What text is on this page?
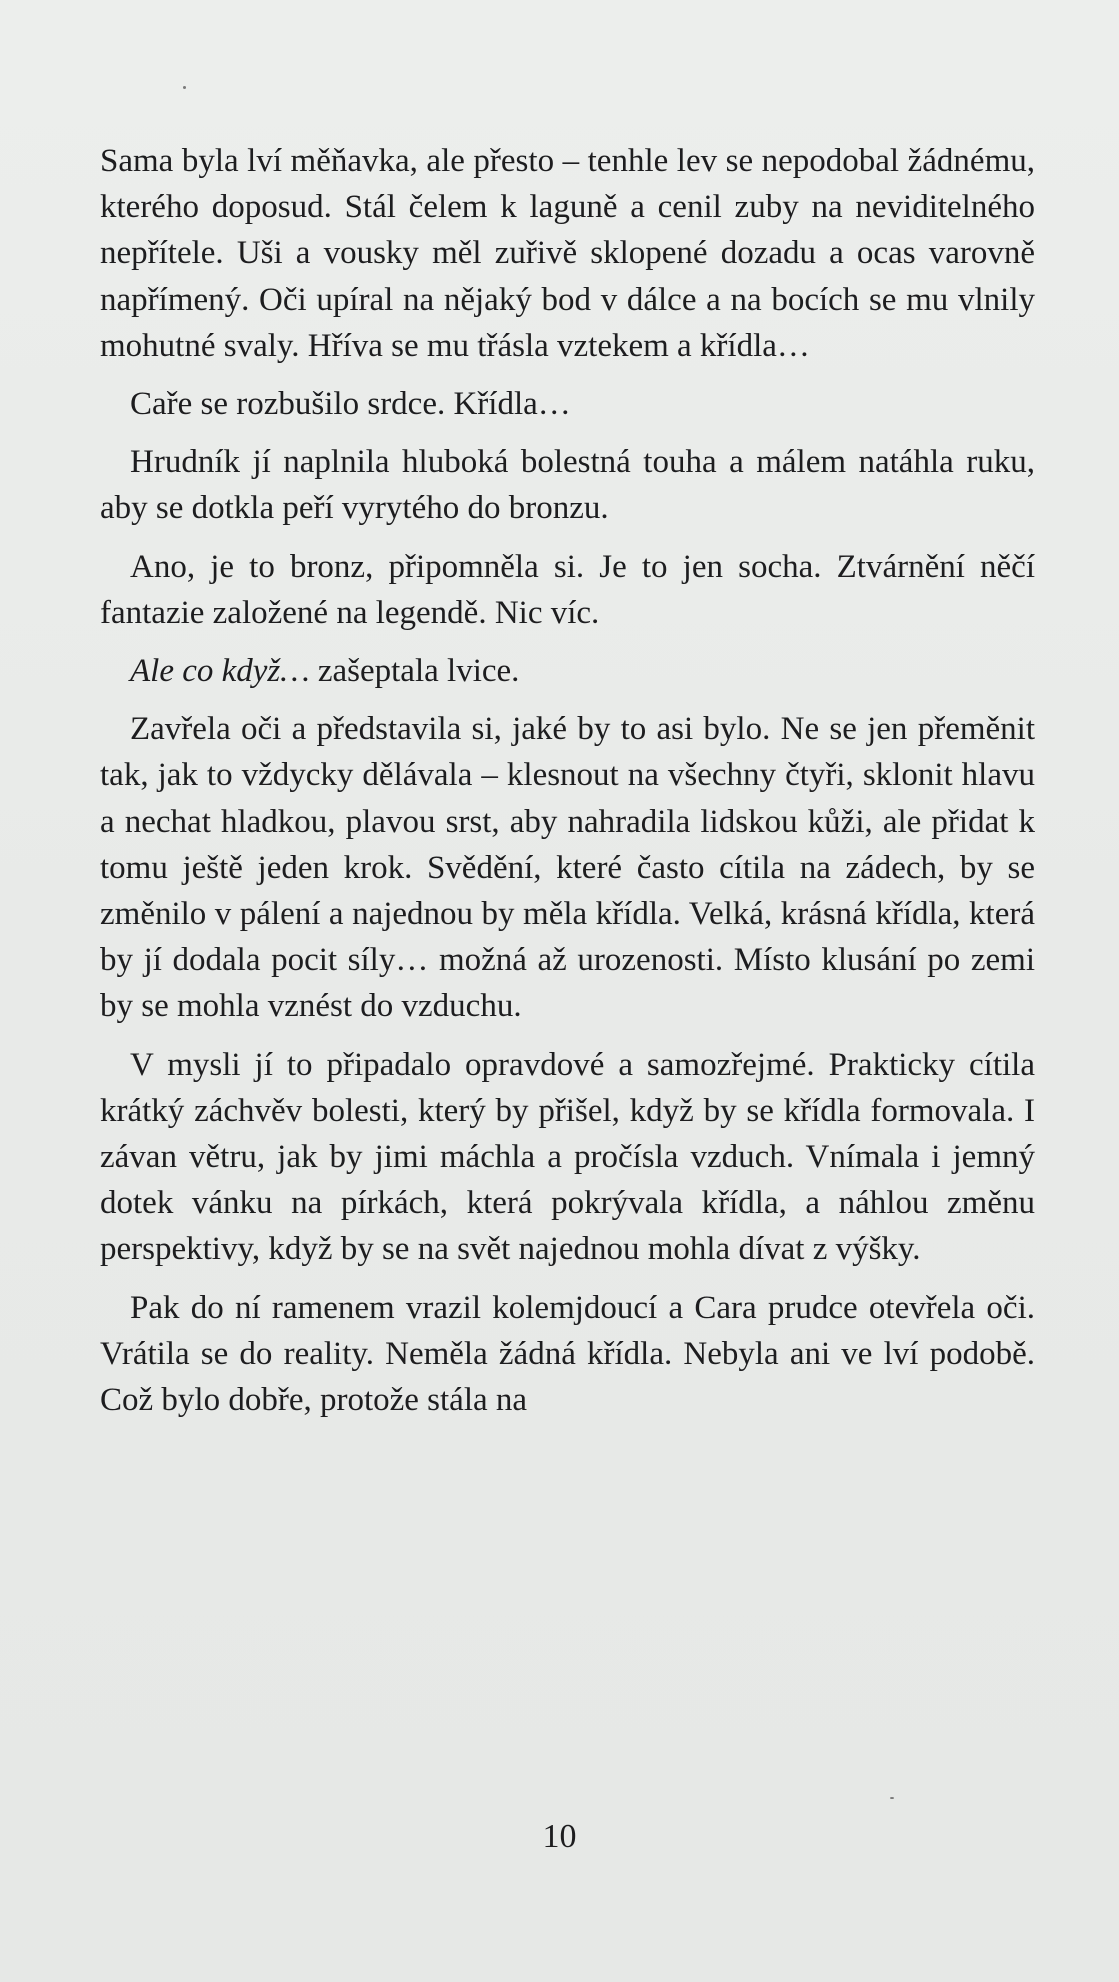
Sama byla lví měňavka, ale přesto – tenhle lev se nepodobal žádnému, kterého doposud. Stál čelem k laguně a cenil zuby na neviditelného nepřítele. Uši a vousky měl zuřivě sklopené dozadu a ocas varovně napřímený. Oči upíral na nějaký bod v dálce a na bocích se mu vlnily mohutné svaly. Hříva se mu třásla vztekem a křídla…

Caře se rozbušilo srdce. Křídla…

Hrudník jí naplnila hluboká bolestná touha a málem natáhla ruku, aby se dotkla peří vyrytého do bronzu.

Ano, je to bronz, připomněla si. Je to jen socha. Ztvárnění něčí fantazie založené na legendě. Nic víc.

Ale co když… zašeptala lvice.

Zavřela oči a představila si, jaké by to asi bylo. Ne se jen přeměnit tak, jak to vždycky dělávala – klesnout na všechny čtyři, sklonit hlavu a nechat hladkou, plavou srst, aby nahradila lidskou kůži, ale přidat k tomu ještě jeden krok. Svědění, které často cítila na zádech, by se změnilo v pálení a najednou by měla křídla. Velká, krásná křídla, která by jí dodala pocit síly… možná až urozenosti. Místo klusání po zemi by se mohla vznést do vzduchu.

V mysli jí to připadalo opravdové a samozřejmé. Prakticky cítila krátký záchvěv bolesti, který by přišel, když by se křídla formovala. I závan větru, jak by jimi máchla a pročísla vzduch. Vnímala i jemný dotek vánku na pírkách, která pokrývala křídla, a náhlou změnu perspektivy, když by se na svět najednou mohla dívat z výšky.

Pak do ní ramenem vrazil kolemjdoucí a Cara prudce otevřela oči. Vrátila se do reality. Neměla žádná křídla. Nebyla ani ve lví podobě. Což bylo dobře, protože stála na

10
